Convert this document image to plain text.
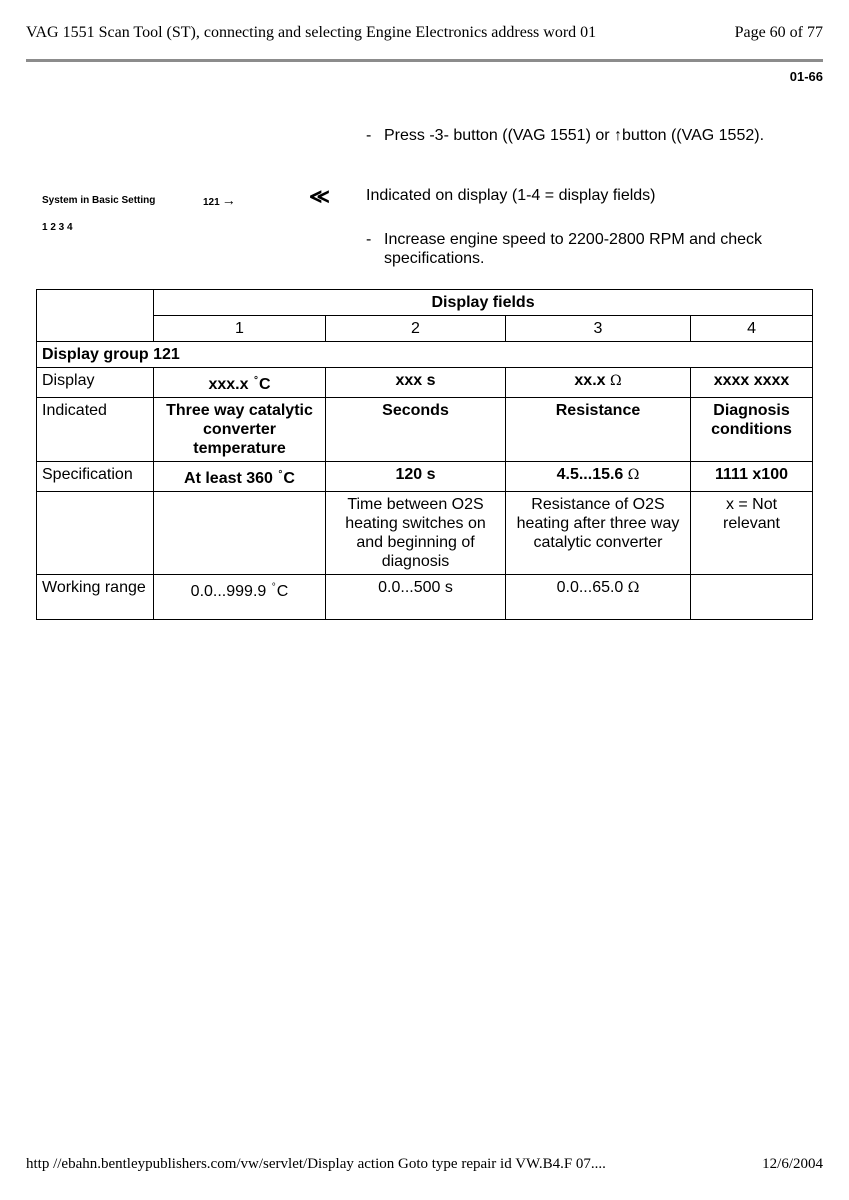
VAG 1551 Scan Tool (ST), connecting and selecting Engine Electronics address word 01	Page 60 of 77
01-66
- Press -3- button ((VAG 1551) or ↑button ((VAG 1552).
System in Basic Setting	121 →
1 2 3 4
≪ Indicated on display (1-4 = display fields)
- Increase engine speed to 2200-2800 RPM and check specifications.
	Display fields			
	1	2	3	4
Display group 121				
Display	xxx.x °C	xxx s	xx.x Ω	xxxx xxxx
Indicated	Three way catalytic converter temperature	Seconds	Resistance	Diagnosis conditions
Specification	At least 360 °C	120 s	4.5...15.6 Ω	1111 x100
		Time between O2S heating switches on and beginning of diagnosis	Resistance of O2S heating after three way catalytic converter	x = Not relevant
Working range	0.0...999.9 °C	0.0...500 s	0.0...65.0 Ω	
http //ebahn.bentleypublishers.com/vw/servlet/Display action Goto type repair id VW.B4.F 07....	12/6/2004
